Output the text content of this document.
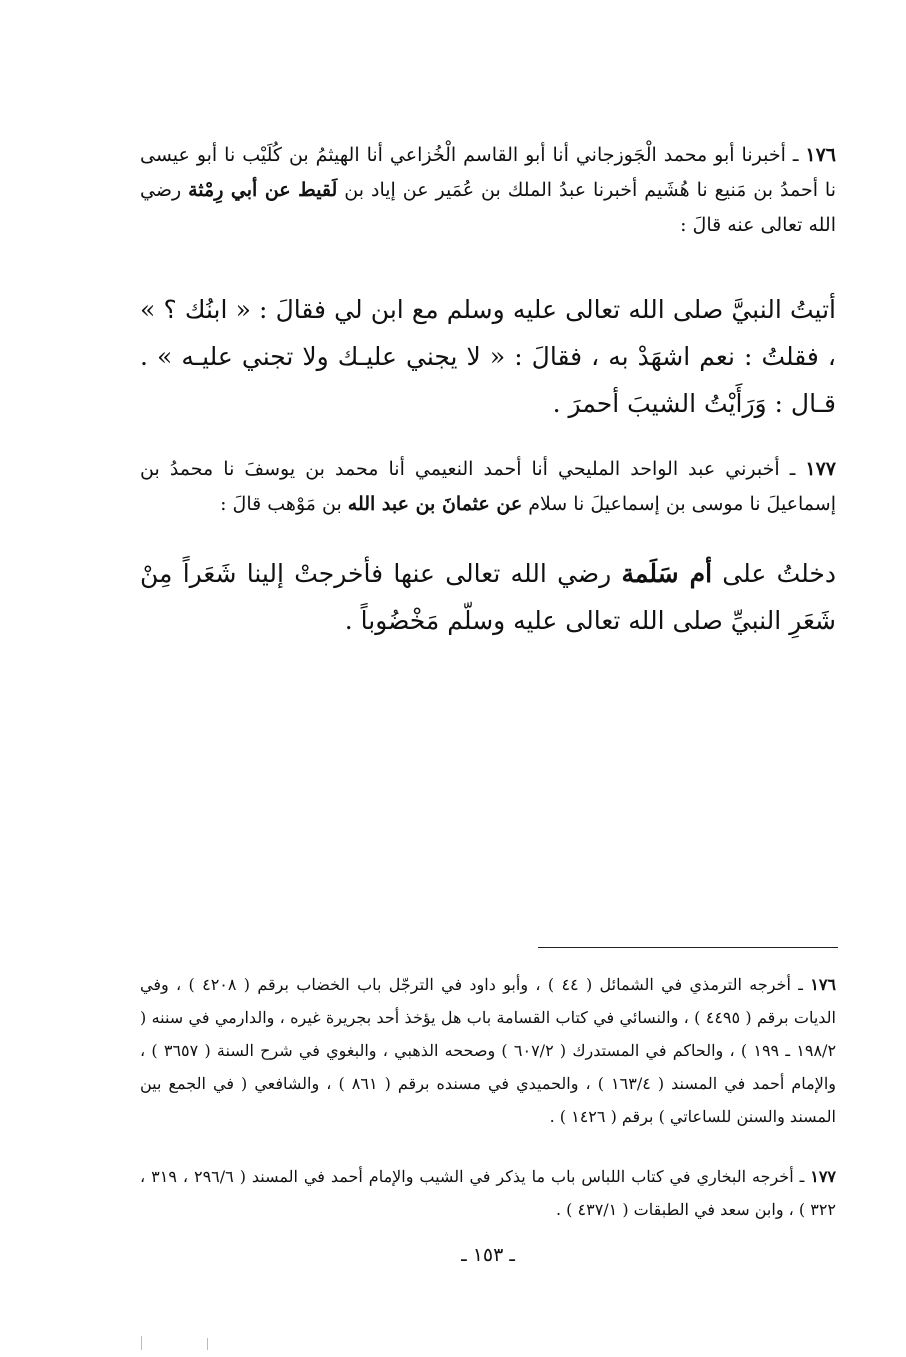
١٧٦ ـ أخبرنا أبو محمد الْجَوزجاني أنا أبو القاسم الْخُزاعي أنا الهيثمُ بن كُلَيْب نا أبو عيسى نا أحمدُ بن مَنيع نا هُشَيم أخبرنا عبدُ الملك بن عُمَير عن إياد بن لَقيط عن أبي رِمْثة رضي الله تعالى عنه قالَ :

أتيتُ النبيَّ صلى الله تعالى عليه وسلم مع ابن لي فقالَ : « ابنُك ؟ » ، فقلتُ : نعم اشهَدْ به ، فقالَ : « لا يجني عليـك ولا تجني عليـه » . قـال : وَرَأَيْتُ الشيبَ أحمرَ .

١٧٧ ـ أخبرني عبد الواحد المليحي أنا أحمد النعيمي أنا محمد بن يوسفَ نا محمدُ بن إسماعيلَ نا موسى بن إسماعيلَ نا سلام عن عثمانَ بن عبد الله بن مَوْهب قالَ :

دخلتُ على أم سَلَمة رضي الله تعالى عنها فأخرجتْ إلينا شَعَراً مِنْ شَعَرِ النبيِّ صلى الله تعالى عليه وسلّم مَخْضُوباً .

١٧٦ ـ أخرجه الترمذي في الشمائل ( ٤٤ ) ، وأبو داود في الترجّل باب الخضاب برقم ( ٤٢٠٨ ) ، وفي الديات برقم ( ٤٤٩٥ ) ، والنسائي في كتاب القسامة باب هل يؤخذ أحد بجريرة غيره ، والدارمي في سننه ( ١٩٨/٢ ـ ١٩٩ ) ، والحاكم في المستدرك ( ٦٠٧/٢ ) وصححه الذهبي ، والبغوي في شرح السنة ( ٣٦٥٧ ) ، والإمام أحمد في المسند ( ١٦٣/٤ ) ، والحميدي في مسنده برقم ( ٨٦١ ) ، والشافعي ( في الجمع بين المسند والسنن للساعاتي ) برقم ( ١٤٢٦ ) .

١٧٧ ـ أخرجه البخاري في كتاب اللباس باب ما يذكر في الشيب والإمام أحمد في المسند ( ٢٩٦/٦ ، ٣١٩ ، ٣٢٢ ) ، وابن سعد في الطبقات ( ٤٣٧/١ ) .

ـ ١٥٣ ـ
